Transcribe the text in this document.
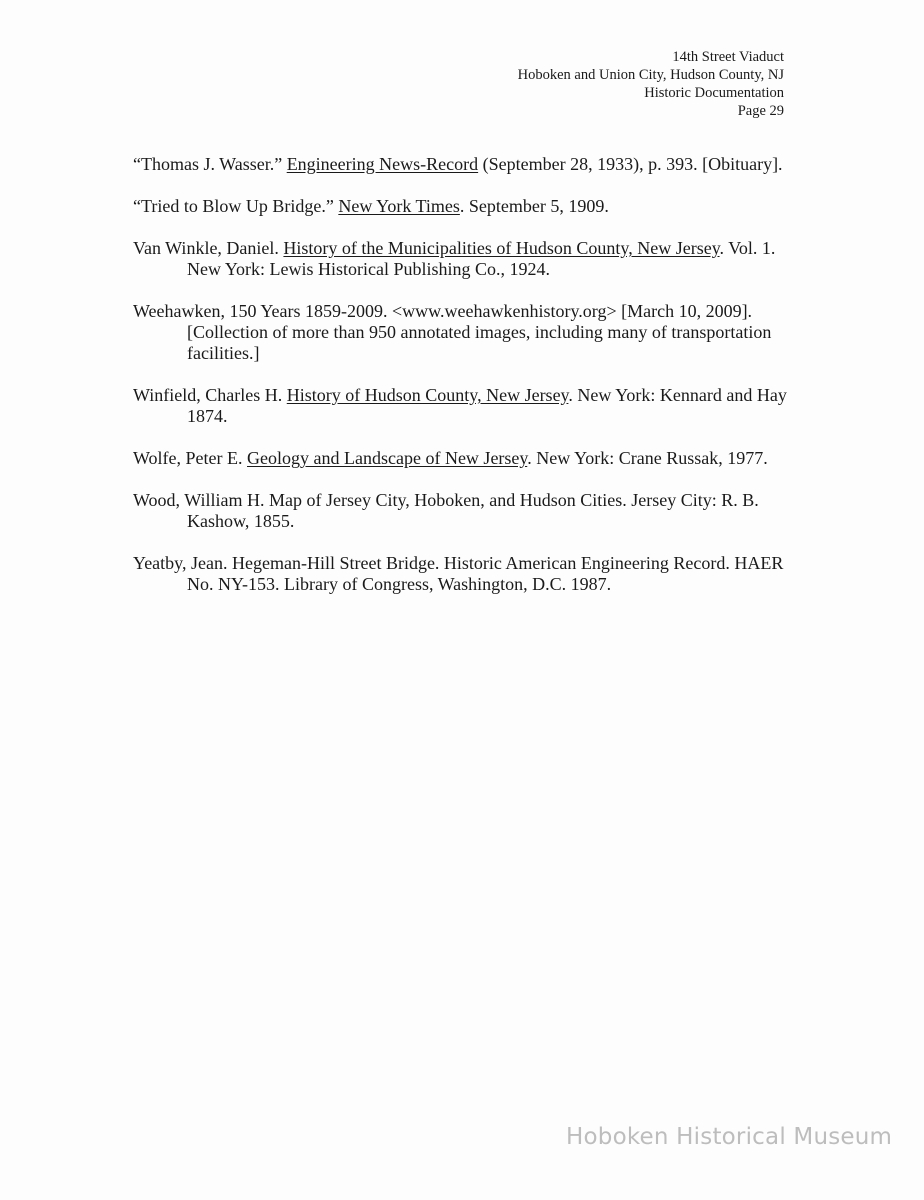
14th Street Viaduct
Hoboken and Union City, Hudson County, NJ
Historic Documentation
Page 29

“Thomas J. Wasser.” Engineering News-Record (September 28, 1933), p. 393. [Obituary].

“Tried to Blow Up Bridge.” New York Times. September 5, 1909.

Van Winkle, Daniel. History of the Municipalities of Hudson County, New Jersey. Vol. 1. New York: Lewis Historical Publishing Co., 1924.

Weehawken, 150 Years 1859-2009. <www.weehawkenhistory.org> [March 10, 2009]. [Collection of more than 950 annotated images, including many of transportation facilities.]

Winfield, Charles H. History of Hudson County, New Jersey. New York: Kennard and Hay 1874.

Wolfe, Peter E. Geology and Landscape of New Jersey. New York: Crane Russak, 1977.

Wood, William H. Map of Jersey City, Hoboken, and Hudson Cities. Jersey City: R. B. Kashow, 1855.

Yeatby, Jean. Hegeman-Hill Street Bridge. Historic American Engineering Record. HAER No. NY-153. Library of Congress, Washington, D.C. 1987.

Hoboken Historical Museum
